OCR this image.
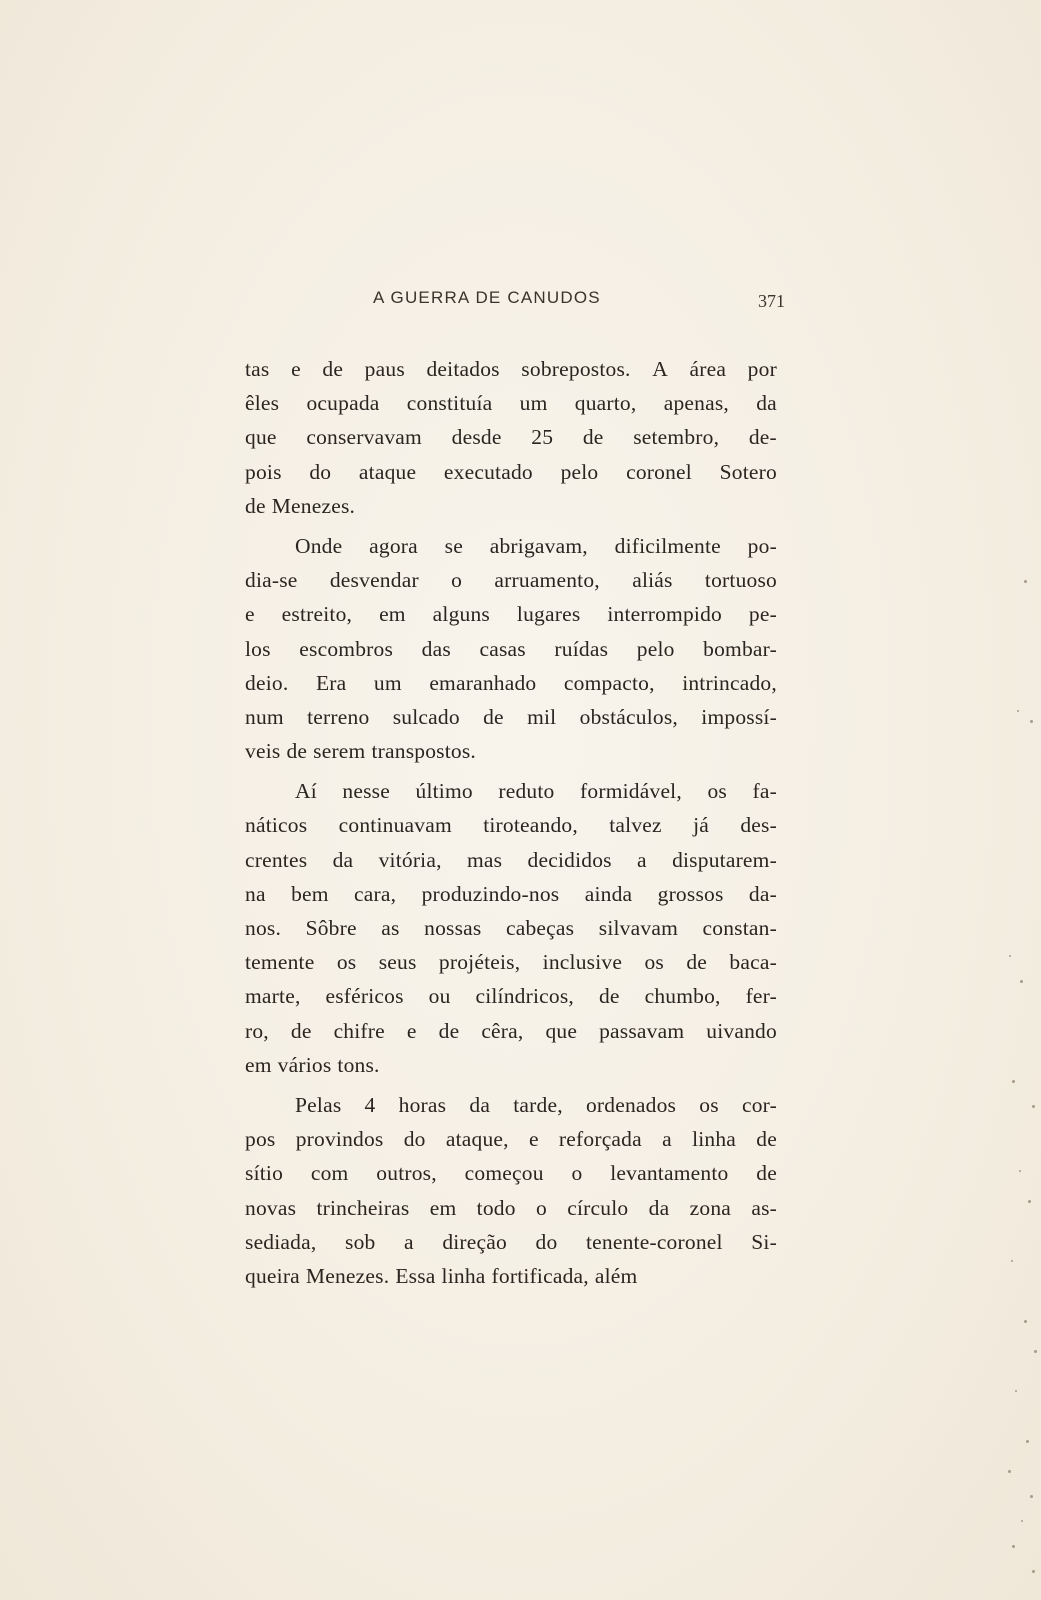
A GUERRA DE CANUDOS	371
tas e de paus deitados sobrepostos. A área por
êles ocupada constituía um quarto, apenas, da
que conservavam desde 25 de setembro, de-
pois do ataque executado pelo coronel Sotero
de Menezes.
Onde agora se abrigavam, dificilmente po-
dia-se desvendar o arruamento, aliás tortuoso
e estreito, em alguns lugares interrompido pe-
los escombros das casas ruídas pelo bombar-
deio. Era um emaranhado compacto, intrincado,
num terreno sulcado de mil obstáculos, impossí-
veis de serem transpostos.
Aí nesse último reduto formidável, os fa-
náticos continuavam tiroteando, talvez já des-
crentes da vitória, mas decididos a disputarem-
na bem cara, produzindo-nos ainda grossos da-
nos. Sôbre as nossas cabeças silvavam constan-
temente os seus projéteis, inclusive os de baca-
marte, esféricos ou cilíndricos, de chumbo, fer-
ro, de chifre e de cêra, que passavam uivando
em vários tons.
Pelas 4 horas da tarde, ordenados os cor-
pos provindos do ataque, e reforçada a linha de
sítio com outros, começou o levantamento de
novas trincheiras em todo o círculo da zona as-
sediada, sob a direção do tenente-coronel Si-
queira Menezes. Essa linha fortificada, além
